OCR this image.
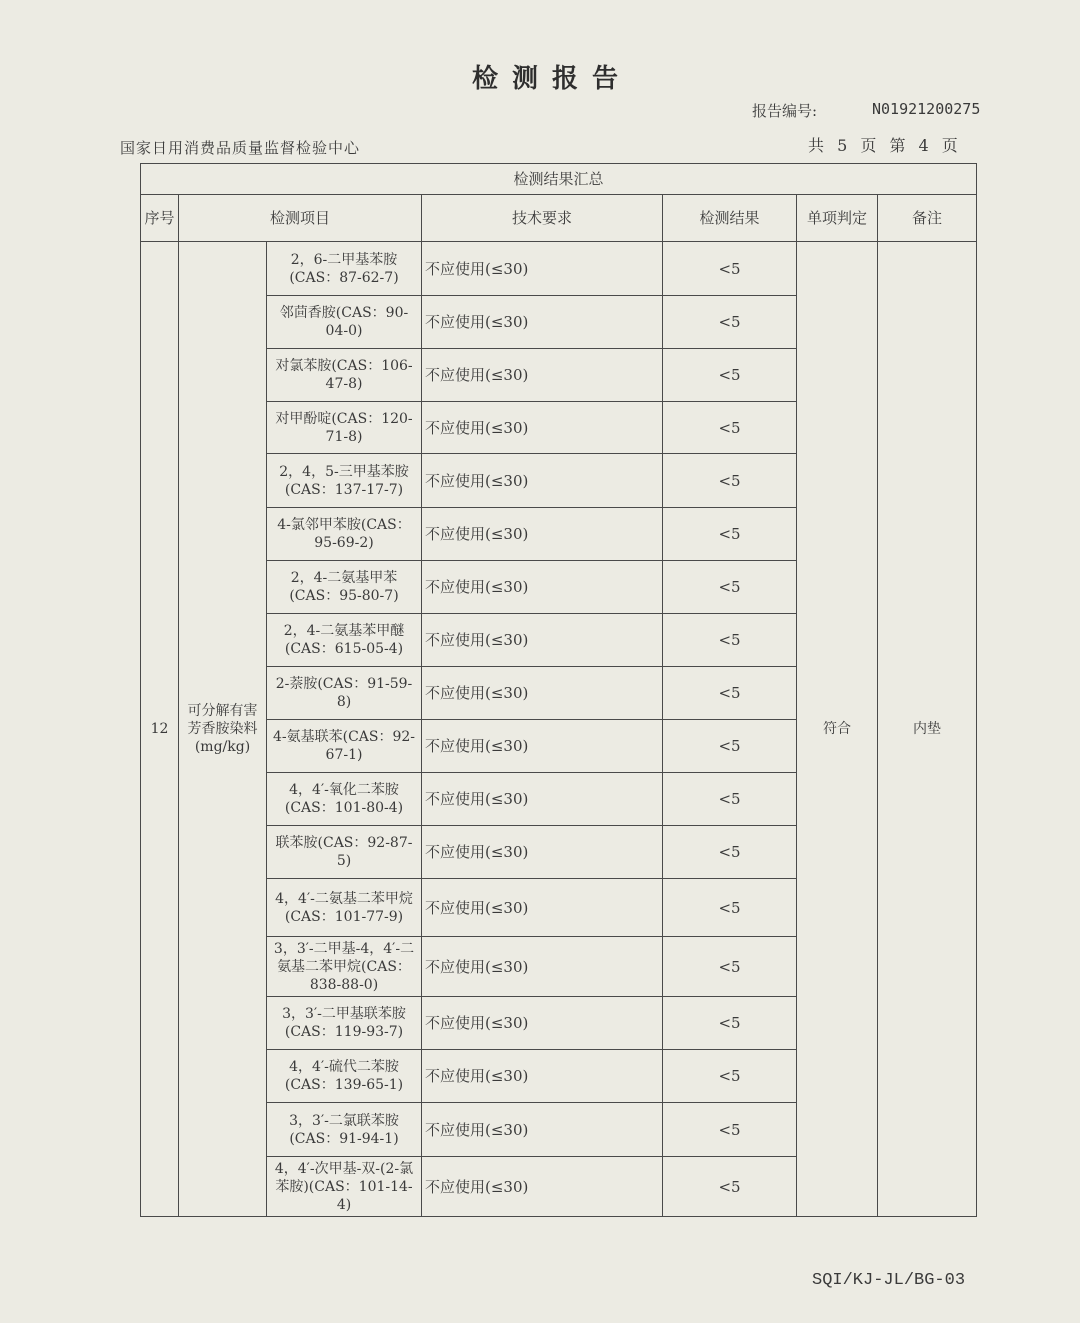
检测报告
报告编号:	N01921200275
国家日用消费品质量监督检验中心	共 5 页 第 4 页
检测结果汇总						
序号	检测项目		技术要求	检测结果	单项判定	备注
12	可分解有害芳香胺染料(mg/kg)	2，6-二甲基苯胺(CAS：87-62-7)	不应使用(≤30)	<5	符合	内垫
		邻茴香胺(CAS：90-04-0)	不应使用(≤30)	<5		
		对氯苯胺(CAS：106-47-8)	不应使用(≤30)	<5		
		对甲酚啶(CAS：120-71-8)	不应使用(≤30)	<5		
		2，4，5-三甲基苯胺(CAS：137-17-7)	不应使用(≤30)	<5		
		4-氯邻甲苯胺(CAS：95-69-2)	不应使用(≤30)	<5		
		2，4-二氨基甲苯(CAS：95-80-7)	不应使用(≤30)	<5		
		2，4-二氨基苯甲醚(CAS：615-05-4)	不应使用(≤30)	<5		
		2-萘胺(CAS：91-59-8)	不应使用(≤30)	<5		
		4-氨基联苯(CAS：92-67-1)	不应使用(≤30)	<5		
		4，4′-氧化二苯胺(CAS：101-80-4)	不应使用(≤30)	<5		
		联苯胺(CAS：92-87-5)	不应使用(≤30)	<5		
		4，4′-二氨基二苯甲烷(CAS：101-77-9)	不应使用(≤30)	<5		
		3，3′-二甲基-4，4′-二氨基二苯甲烷(CAS：838-88-0)	不应使用(≤30)	<5		
		3，3′-二甲基联苯胺(CAS：119-93-7)	不应使用(≤30)	<5		
		4，4′-硫代二苯胺(CAS：139-65-1)	不应使用(≤30)	<5		
		3，3′-二氯联苯胺(CAS：91-94-1)	不应使用(≤30)	<5		
		4，4′-次甲基-双-(2-氯苯胺)(CAS：101-14-4)	不应使用(≤30)	<5		
SQI/KJ-JL/BG-03
